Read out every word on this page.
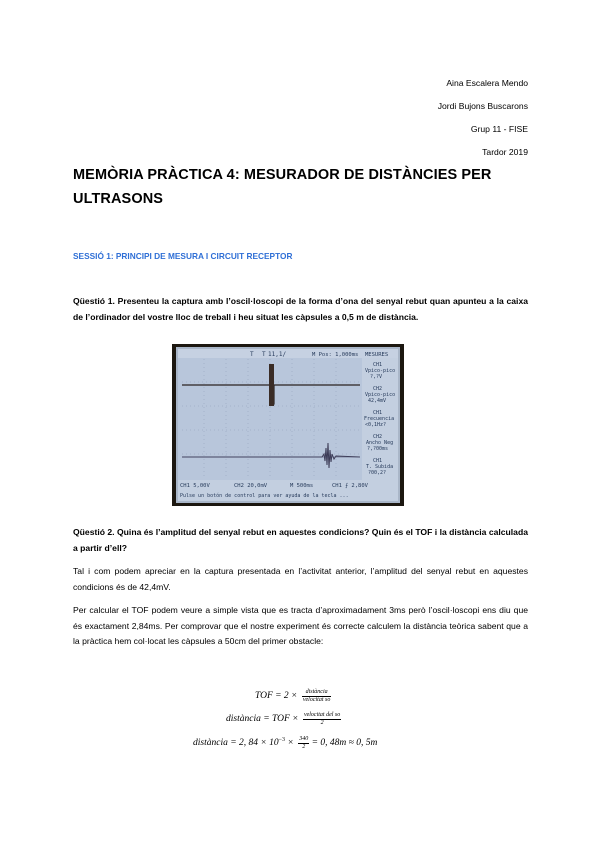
Aina Escalera Mendo
Jordi Bujons Buscarons
Grup 11 - FISE
Tardor 2019
MEMÒRIA PRÀCTICA 4: MESURADOR DE DISTÀNCIES PER ULTRASONS
SESSIÓ 1: PRINCIPI DE MESURA I CIRCUIT RECEPTOR
Qüestió 1. Presenteu la captura amb l’oscil·loscopi de la forma d’ona del senyal rebut quan apunteu a la caixa de l’ordinador del vostre lloc de treball i heu situat les càpsules a 0,5 m de distància.
T T 11,1/	M Pos: 1,000ms MESURES
CH1
Vpico-pico
?,?V
CH2
Vpico-pico
42,4mV
CH1
Frecuencia
<0,1Hz?
CH2
Ancho Neg
?,?00ms
CH1
T. Subida
?00,2?
CH1 5,00V	CH2 20,0mV	M 500ms	CH1 ⨍ 2,80V
Pulse un botón de control para ver ayuda de la tecla ...
Qüestió 2. Quina és l’amplitud del senyal rebut en aquestes condicions? Quin és el TOF i la distància calculada a partir d’ell?
Tal i com podem apreciar en la captura presentada en l’activitat anterior, l’amplitud del senyal rebut en aquestes condicions és de 42,4mV.
Per calcular el TOF podem veure a simple vista que es tracta d’aproximadament 3ms però l’oscil·loscopi ens diu que és exactament 2,84ms. Per comprovar que el nostre experiment és correcte calculem la distància teòrica sabent que a la pràctica hem col·locat les càpsules a 50cm del primer obstacle:
TOF = $2 \times \frac{\text{distància}}{\text{velocitat so}}$
distància = TOF × $\frac{\text{velocitat del so}}{2}$
distància = 2, $84 \times 10^{-3} \times \frac{340}{2} = 0$, 48m ≈ 0, 5m
